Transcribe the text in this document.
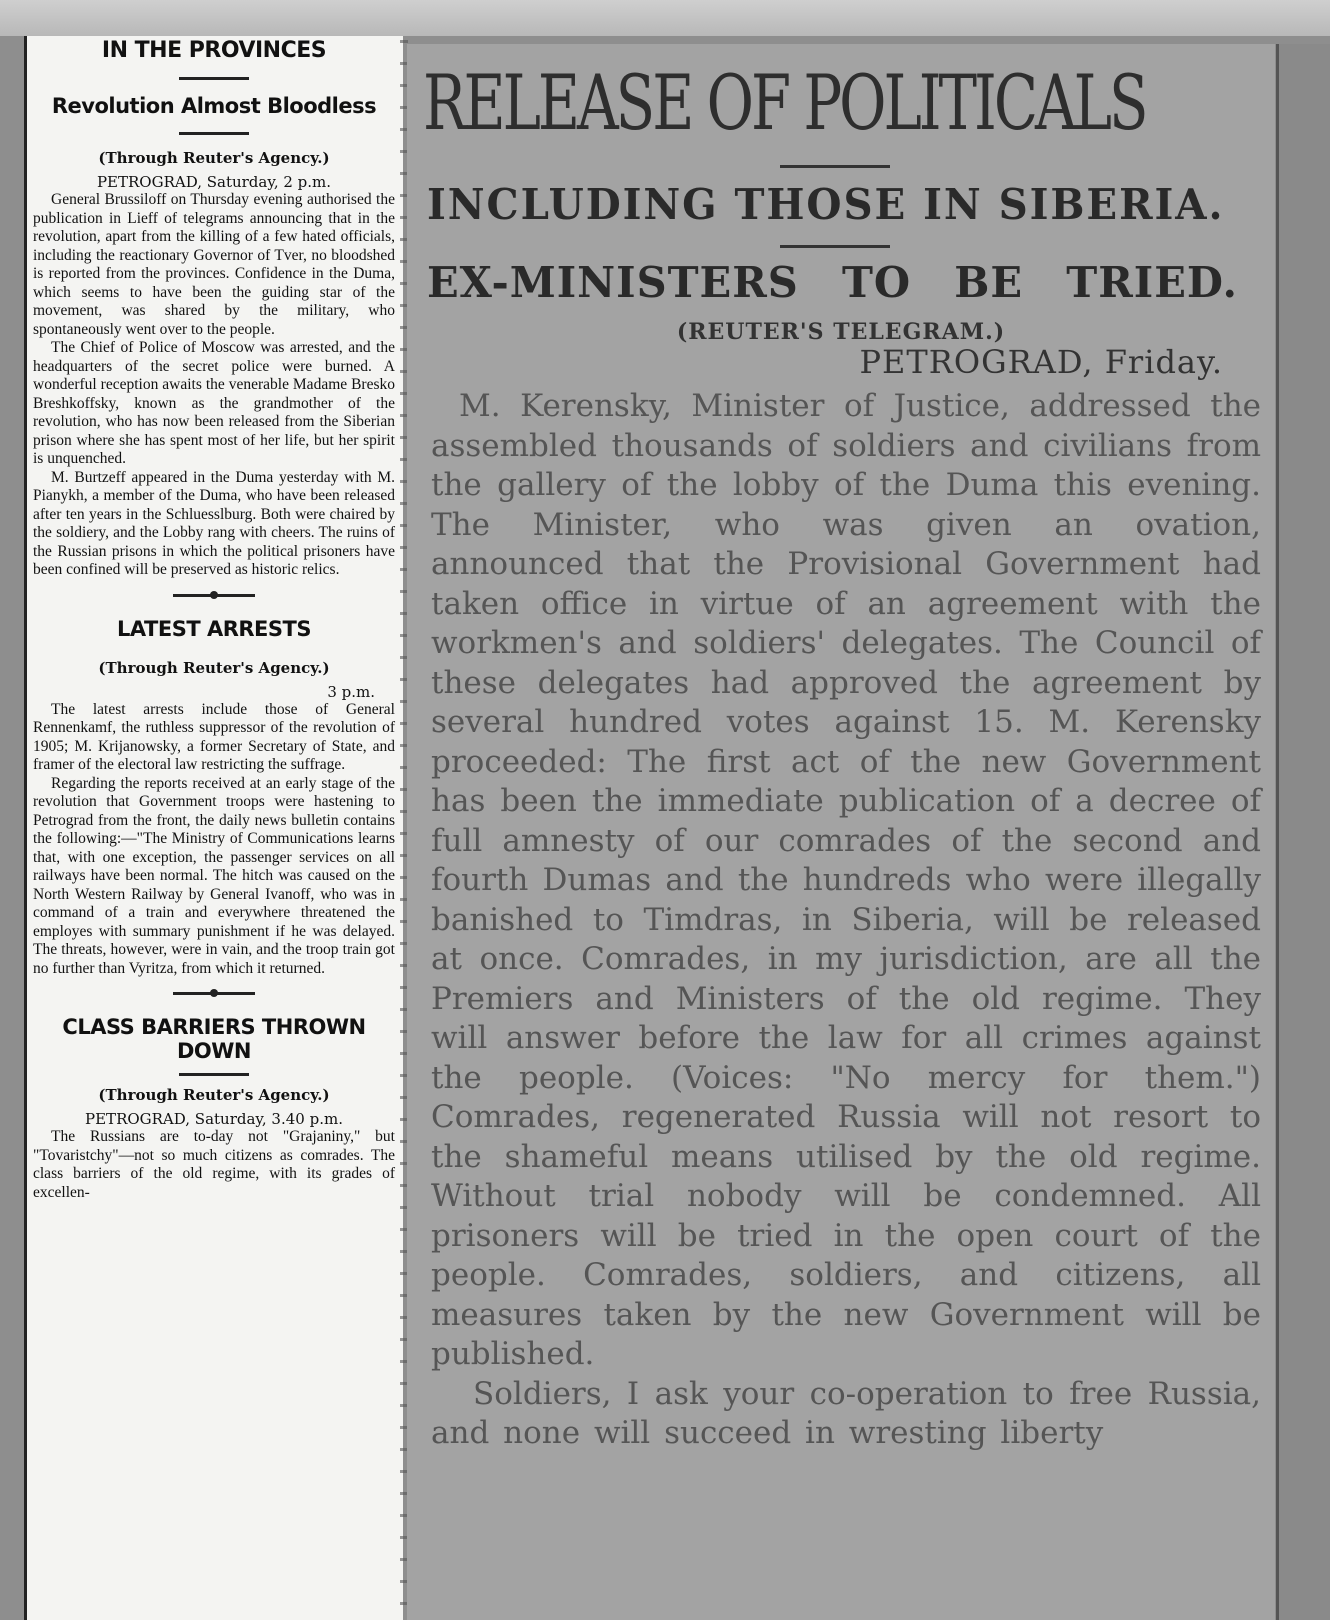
IN THE PROVINCES
Revolution Almost Bloodless
(Through Reuter's Agency.)
PETROGRAD, Saturday, 2 p.m.

General Brussiloff on Thursday evening authorised the publication in Lieff of telegrams announcing that in the revolution, apart from the killing of a few hated officials, including the reactionary Governor of Tver, no bloodshed is reported from the provinces. Confidence in the Duma, which seems to have been the guiding star of the movement, was shared by the military, who spontaneously went over to the people.

The Chief of Police of Moscow was arrested, and the headquarters of the secret police were burned. A wonderful reception awaits the venerable Madame Bresko Breshkoffsky, known as the grandmother of the revolution, who has now been released from the Siberian prison where she has spent most of her life, but her spirit is unquenched.

M. Burtzeff appeared in the Duma yesterday with M. Pianykh, a member of the Duma, who have been released after ten years in the Schluesslburg. Both were chaired by the soldiery, and the Lobby rang with cheers. The ruins of the Russian prisons in which the political prisoners have been confined will be preserved as historic relics.

LATEST ARRESTS
(Through Reuter's Agency.)
3 p.m.

The latest arrests include those of General Rennenkamf, the ruthless suppressor of the revolution of 1905; M. Krijanowsky, a former Secretary of State, and framer of the electoral law restricting the suffrage.

Regarding the reports received at an early stage of the revolution that Government troops were hastening to Petrograd from the front, the daily news bulletin contains the following:—"The Ministry of Communications learns that, with one exception, the passenger services on all railways have been normal. The hitch was caused on the North Western Railway by General Ivanoff, who was in command of a train and everywhere threatened the employes with summary punishment if he was delayed. The threats, however, were in vain, and the troop train got no further than Vyritza, from which it returned.

CLASS BARRIERS THROWN DOWN
(Through Reuter's Agency.)
PETROGRAD, Saturday, 3.40 p.m.

The Russians are to-day not "Grajaniny," but "Tovaristchy"—not so much citizens as comrades. The class barriers of the old regime, with its grades of excellen-

RELEASE OF POLITICALS
INCLUDING THOSE IN SIBERIA.
EX-MINISTERS TO BE TRIED.
(REUTER'S TELEGRAM.)
PETROGRAD, Friday.

M. Kerensky, Minister of Justice, addressed the assembled thousands of soldiers and civilians from the gallery of the lobby of the Duma this evening. The Minister, who was given an ovation, announced that the Provisional Government had taken office in virtue of an agreement with the workmen's and soldiers' delegates. The Council of these delegates had approved the agreement by several hundred votes against 15. M. Kerensky proceeded: The first act of the new Government has been the immediate publication of a decree of full amnesty of our comrades of the second and fourth Dumas and the hundreds who were illegally banished to Timdras, in Siberia, will be released at once. Comrades, in my jurisdiction, are all the Premiers and Ministers of the old regime. They will answer before the law for all crimes against the people. (Voices: "No mercy for them.") Comrades, regenerated Russia will not resort to the shameful means utilised by the old regime. Without trial nobody will be condemned. All prisoners will be tried in the open court of the people. Comrades, soldiers, and citizens, all measures taken by the new Government will be published.

Soldiers, I ask your co-operation to free Russia, and none will succeed in wresting liberty
